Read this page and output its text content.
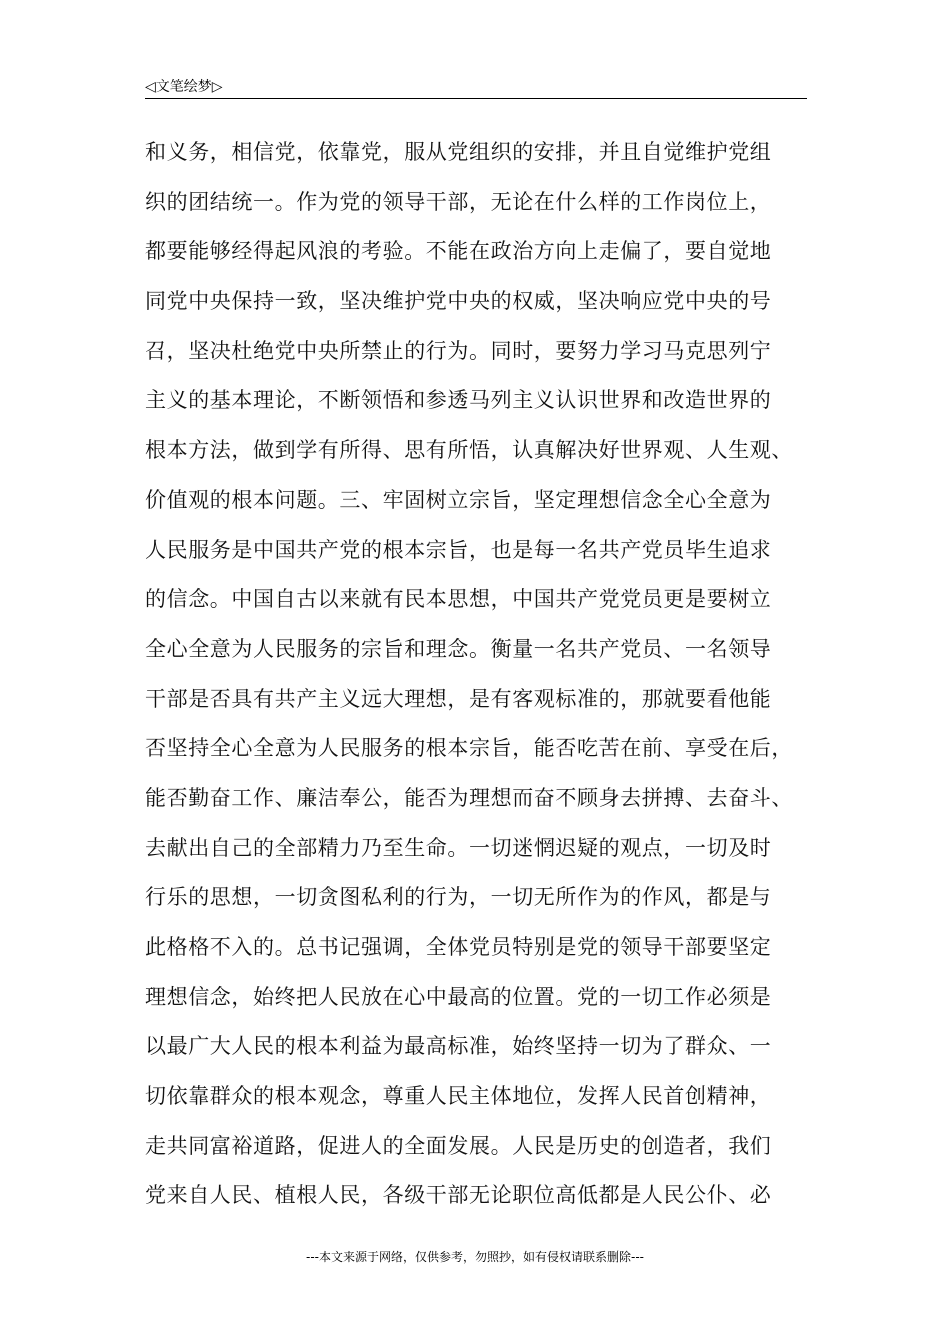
◁文笔绘梦▷
和义务，相信党，依靠党，服从党组织的安排，并且自觉维护党组
织的团结统一。作为党的领导干部，无论在什么样的工作岗位上，
都要能够经得起风浪的考验。不能在政治方向上走偏了，要自觉地
同党中央保持一致，坚决维护党中央的权威，坚决响应党中央的号
召，坚决杜绝党中央所禁止的行为。同时，要努力学习马克思列宁
主义的基本理论，不断领悟和参透马列主义认识世界和改造世界的
根本方法，做到学有所得、思有所悟，认真解决好世界观、人生观、
价值观的根本问题。三、牢固树立宗旨，坚定理想信念全心全意为
人民服务是中国共产党的根本宗旨，也是每一名共产党员毕生追求
的信念。中国自古以来就有民本思想，中国共产党党员更是要树立
全心全意为人民服务的宗旨和理念。衡量一名共产党员、一名领导
干部是否具有共产主义远大理想，是有客观标准的，那就要看他能
否坚持全心全意为人民服务的根本宗旨，能否吃苦在前、享受在后，
能否勤奋工作、廉洁奉公，能否为理想而奋不顾身去拼搏、去奋斗、
去献出自己的全部精力乃至生命。一切迷惘迟疑的观点，一切及时
行乐的思想，一切贪图私利的行为，一切无所作为的作风，都是与
此格格不入的。总书记强调，全体党员特别是党的领导干部要坚定
理想信念，始终把人民放在心中最高的位置。党的一切工作必须是
以最广大人民的根本利益为最高标准，始终坚持一切为了群众、一
切依靠群众的根本观念，尊重人民主体地位，发挥人民首创精神，
走共同富裕道路，促进人的全面发展。人民是历史的创造者，我们
党来自人民、植根人民，各级干部无论职位高低都是人民公仆、必
---本文来源于网络，仅供参考，勿照抄，如有侵权请联系删除---
